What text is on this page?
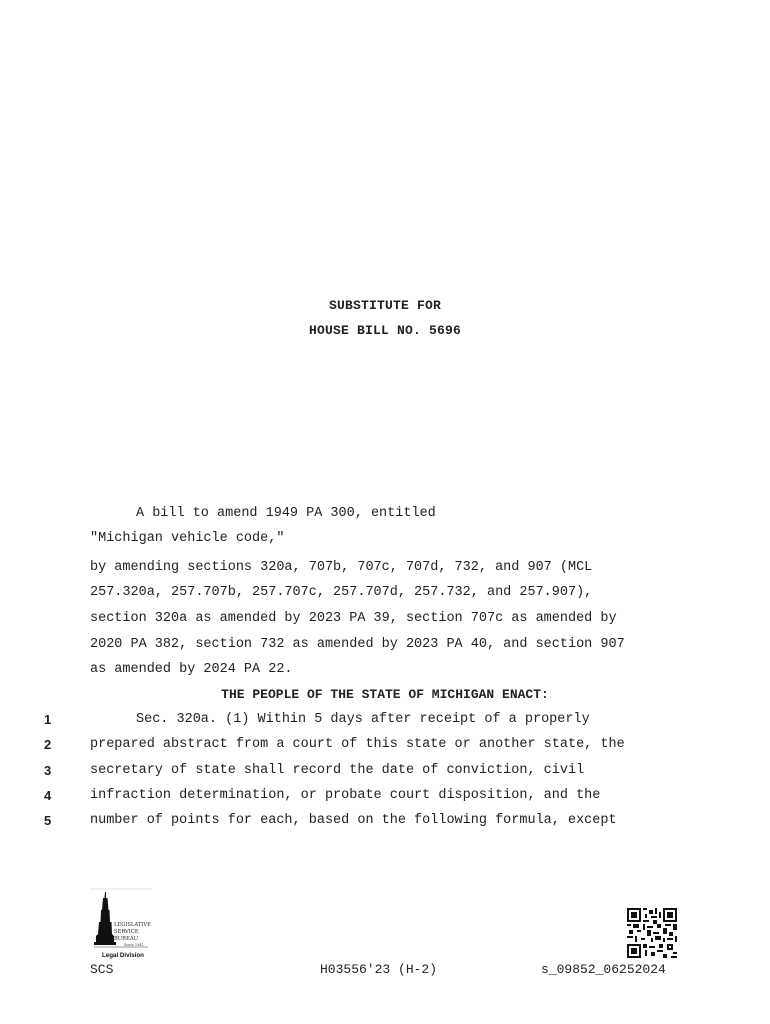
SUBSTITUTE FOR
HOUSE BILL NO. 5696
A bill to amend 1949 PA 300, entitled
"Michigan vehicle code,"
by amending sections 320a, 707b, 707c, 707d, 732, and 907 (MCL
257.320a, 257.707b, 257.707c, 257.707d, 257.732, and 257.907),
section 320a as amended by 2023 PA 39, section 707c as amended by
2020 PA 382, section 732 as amended by 2023 PA 40, and section 907
as amended by 2024 PA 22.
THE PEOPLE OF THE STATE OF MICHIGAN ENACT:
1	Sec. 320a. (1) Within 5 days after receipt of a properly
2	prepared abstract from a court of this state or another state, the
3	secretary of state shall record the date of conviction, civil
4	infraction determination, or probate court disposition, and the
5	number of points for each, based on the following formula, except
LEGISLATIVE
SERVICE
BUREAU
Since 1941
Legal Division
SCS	H03556'23 (H-2)	s_09852_06252024
